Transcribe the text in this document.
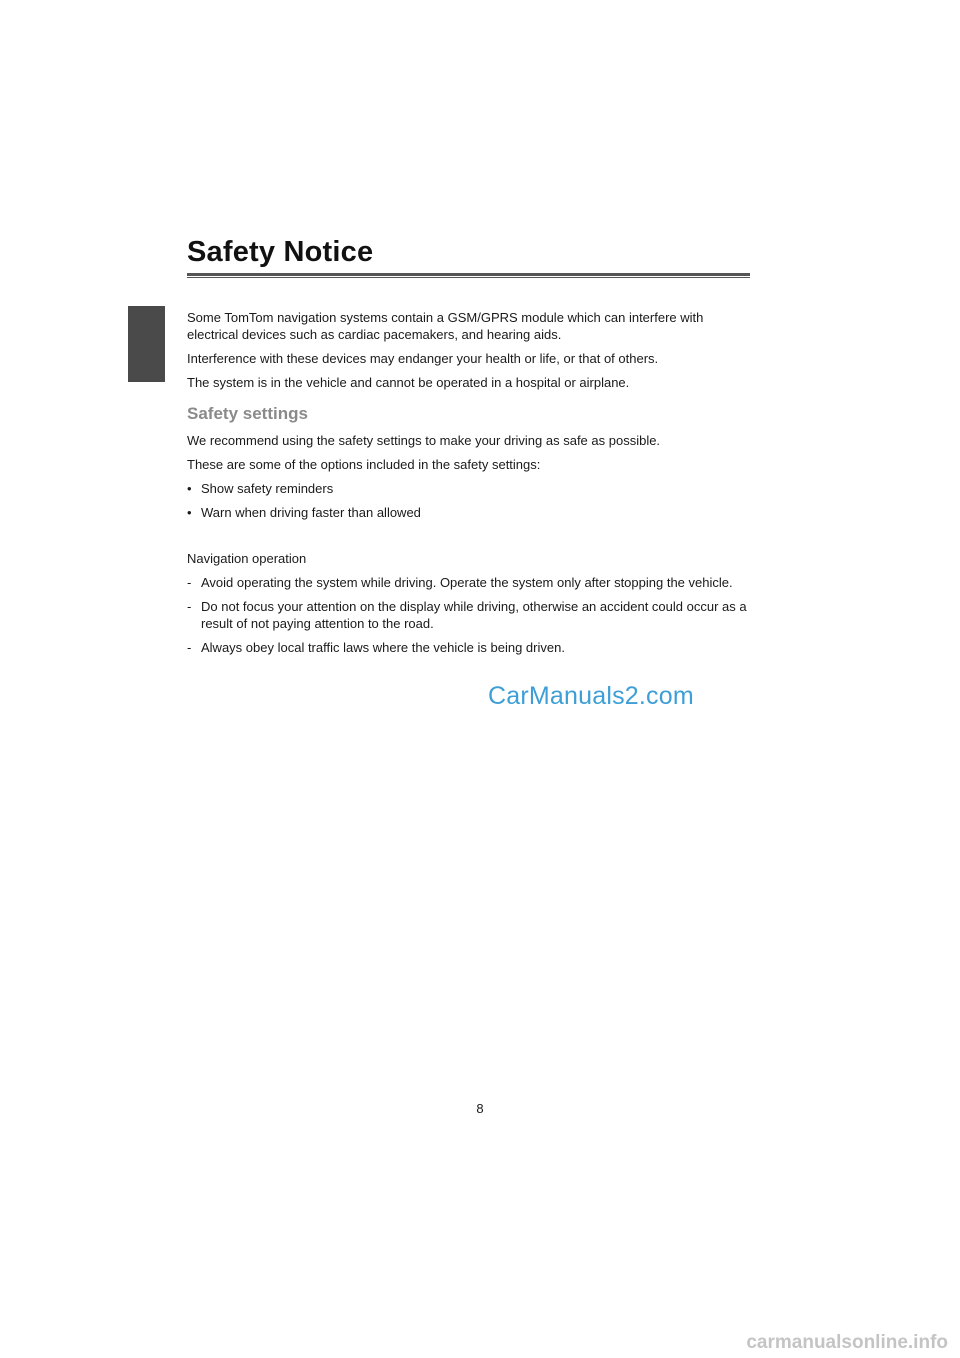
Safety Notice

Some TomTom navigation systems contain a GSM/GPRS module which can interfere with electrical devices such as cardiac pacemakers, and hearing aids.

Interference with these devices may endanger your health or life, or that of others.

The system is in the vehicle and cannot be operated in a hospital or airplane.

Safety settings

We recommend using the safety settings to make your driving as safe as possible.

These are some of the options included in the safety settings:

• Show safety reminders
• Warn when driving faster than allowed

Navigation operation

- Avoid operating the system while driving. Operate the system only after stopping the vehicle.
- Do not focus your attention on the display while driving, otherwise an accident could occur as a result of not paying attention to the road.
- Always obey local traffic laws where the vehicle is being driven.
CarManuals2.com
8
carmanualsonline.info
